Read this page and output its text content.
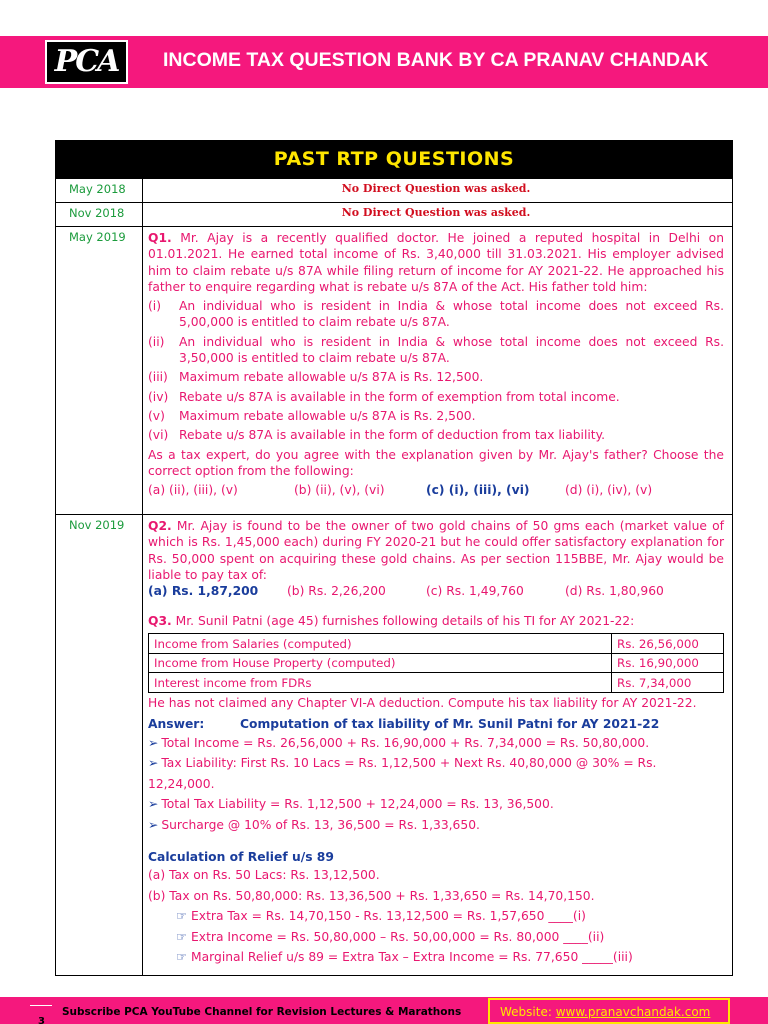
PCA	INCOME TAX QUESTION BANK BY CA PRANAV CHANDAK
PAST RTP QUESTIONS
May 2018	No Direct Question was asked.
Nov 2018	No Direct Question was asked.
May 2019	Q1. Mr. Ajay is a recently qualified doctor. He joined a reputed hospital in Delhi on 01.01.2021. He earned total income of Rs. 3,40,000 till 31.03.2021. His employer advised him to claim rebate u/s 87A while filing return of income for AY 2021-22. He approached his father to enquire regarding what is rebate u/s 87A of the Act. His father told him:

(i)	An individual who is resident in India & whose total income does not exceed Rs. 5,00,000 is entitled to claim rebate u/s 87A.
(ii)	An individual who is resident in India & whose total income does not exceed Rs. 3,50,000 is entitled to claim rebate u/s 87A.
(iii) Maximum rebate allowable u/s 87A is Rs. 12,500.
(iv) Rebate u/s 87A is available in the form of exemption from total income.
(v)	Maximum rebate allowable u/s 87A is Rs. 2,500.
(vi) Rebate u/s 87A is available in the form of deduction from tax liability.

As a tax expert, do you agree with the explanation given by Mr. Ajay's father? Choose the correct option from the following:

(a) (ii), (iii), (v)	(b) (ii), (v), (vi)	(c) (i), (iii), (vi)	(d) (i), (iv), (v)
Nov 2019	Q2. Mr. Ajay is found to be the owner of two gold chains of 50 gms each (market value of which is Rs. 1,45,000 each) during FY 2020-21 but he could offer satisfactory explanation for Rs. 50,000 spent on acquiring these gold chains. As per section 115BBE, Mr. Ajay would be liable to pay tax of:

(a) Rs. 1,87,200	(b) Rs. 2,26,200	(c) Rs. 1,49,760	(d) Rs. 1,80,960

Q3. Mr. Sunil Patni (age 45) furnishes following details of his TI for AY 2021-22:

Income from Salaries (computed)	Rs. 26,56,000
Income from House Property (computed)	Rs. 16,90,000
Interest income from FDRs	Rs. 7,34,000

He has not claimed any Chapter VI-A deduction. Compute his tax liability for AY 2021-22.

Answer:	Computation of tax liability of Mr. Sunil Patni for AY 2021-22

➢ Total Income = Rs. 26,56,000 + Rs. 16,90,000 + Rs. 7,34,000 = Rs. 50,80,000.
➢ Tax Liability: First Rs. 10 Lacs = Rs. 1,12,500 + Next Rs. 40,80,000 @ 30% = Rs. 12,24,000.
➢ Total Tax Liability = Rs. 1,12,500 + 12,24,000 = Rs. 13, 36,500.
➢ Surcharge @ 10% of Rs. 13, 36,500 = Rs. 1,33,650.

Calculation of Relief u/s 89

(a) Tax on Rs. 50 Lacs: Rs. 13,12,500.
(b) Tax on Rs. 50,80,000: Rs. 13,36,500 + Rs. 1,33,650 = Rs. 14,70,150.
☞ Extra Tax = Rs. 14,70,150 - Rs. 13,12,500 = Rs. 1,57,650 ____(i)
☞ Extra Income = Rs. 50,80,000 – Rs. 50,00,000 = Rs. 80,000 ____(ii)
☞ Marginal Relief u/s 89 = Extra Tax – Extra Income = Rs. 77,650 _____(iii)
Subscribe PCA YouTube Channel for Revision Lectures & Marathons	Website: www.pranavchandak.com
3
